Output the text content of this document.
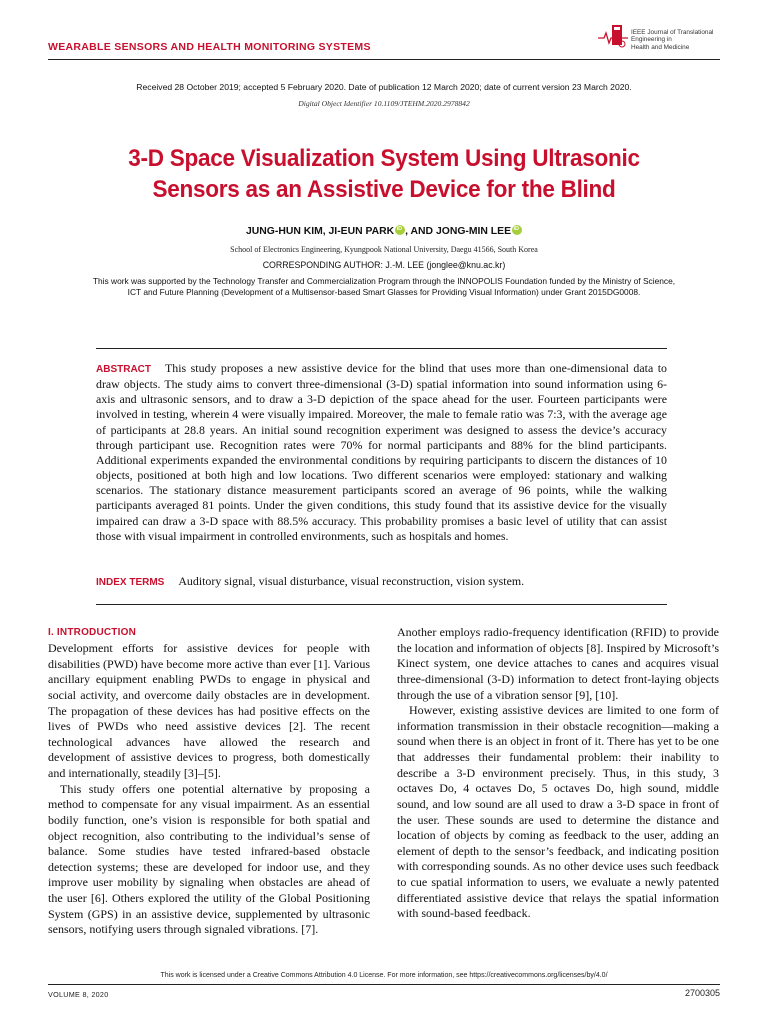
WEARABLE SENSORS AND HEALTH MONITORING SYSTEMS
IEEE Journal of Translational
Engineering in
Health and Medicine
Received 28 October 2019; accepted 5 February 2020. Date of publication 12 March 2020; date of current version 23 March 2020.
Digital Object Identifier 10.1109/JTEHM.2020.2978842
3-D Space Visualization System Using Ultrasonic
Sensors as an Assistive Device for the Blind
JUNG-HUN KIM, JI-EUN PARKiD , AND JONG-MIN LEEiD
School of Electronics Engineering, Kyungpook National University, Daegu 41566, South Korea
CORRESPONDING AUTHOR: J.-M. LEE (jonglee@knu.ac.kr)
This work was supported by the Technology Transfer and Commercialization Program through the INNOPOLIS Foundation funded by the Ministry of Science, ICT and Future Planning (Development of a Multisensor-based Smart Glasses for Providing Visual Information) under Grant 2015DG0008.
ABSTRACT This study proposes a new assistive device for the blind that uses more than one-dimensional data to draw objects. The study aims to convert three-dimensional (3-D) spatial information into sound information using 6-axis and ultrasonic sensors, and to draw a 3-D depiction of the space ahead for the user. Fourteen participants were involved in testing, wherein 4 were visually impaired. Moreover, the male to female ratio was 7:3, with the average age of participants at 28.8 years. An initial sound recognition experiment was designed to assess the device’s accuracy through participant use. Recognition rates were 70% for normal participants and 88% for the blind participants. Additional experiments expanded the environmental conditions by requiring participants to discern the distances of 10 objects, positioned at both high and low locations. Two different scenarios were employed: stationary and walking scenarios. The stationary distance measurement participants scored an average of 96 points, while the walking participants averaged 81 points. Under the given conditions, this study found that its assistive device for the visually impaired can draw a 3-D space with 88.5% accuracy. This probability promises a basic level of utility that can assist those with visual impairment in controlled environments, such as hospitals and homes.
INDEX TERMS Auditory signal, visual disturbance, visual reconstruction, vision system.
I. INTRODUCTION

Development efforts for assistive devices for people with disabilities (PWD) have become more active than ever [1]. Various ancillary equipment enabling PWDs to engage in physical and social activity, and overcome daily obstacles are in development. The propagation of these devices has had positive effects on the lives of PWDs who need assistive devices [2]. The recent technological advances have allowed the research and development of assistive devices to progress, both domestically and internationally, steadily [3]–[5].

This study offers one potential alternative by proposing a method to compensate for any visual impairment. As an essential bodily function, one’s vision is responsible for both spatial and object recognition, also contributing to the individual’s sense of balance. Some studies have tested infrared-based obstacle detection systems; these are developed for indoor use, and they improve user mobility by signaling when obstacles are ahead of the user [6]. Others explored the utility of the Global Positioning System (GPS) in an assistive device, supplemented by ultrasonic sensors, notifying users through signaled vibrations. [7].

Another employs radio-frequency identification (RFID) to provide the location and information of objects [8]. Inspired by Microsoft’s Kinect system, one device attaches to canes and acquires visual three-dimensional (3-D) information to detect front-laying objects through the use of a vibration sensor [9], [10].

However, existing assistive devices are limited to one form of information transmission in their obstacle recognition—making a sound when there is an object in front of it. There has yet to be one that addresses their fundamental problem: their inability to describe a 3-D environment precisely. Thus, in this study, 3 octaves Do, 4 octaves Do, 5 octaves Do, high sound, middle sound, and low sound are all used to draw a 3-D space in front of the user. These sounds are used to determine the distance and location of objects by coming as feedback to the user, adding an element of depth to the sensor’s feedback, and indicating position with corresponding sounds. As no other device uses such feedback to cue spatial information to users, we evaluate a newly patented differentiated assistive device that relays the spatial information with sound-based feedback.

This work is licensed under a Creative Commons Attribution 4.0 License. For more information, see https://creativecommons.org/licenses/by/4.0/
VOLUME 8, 2020	2700305
